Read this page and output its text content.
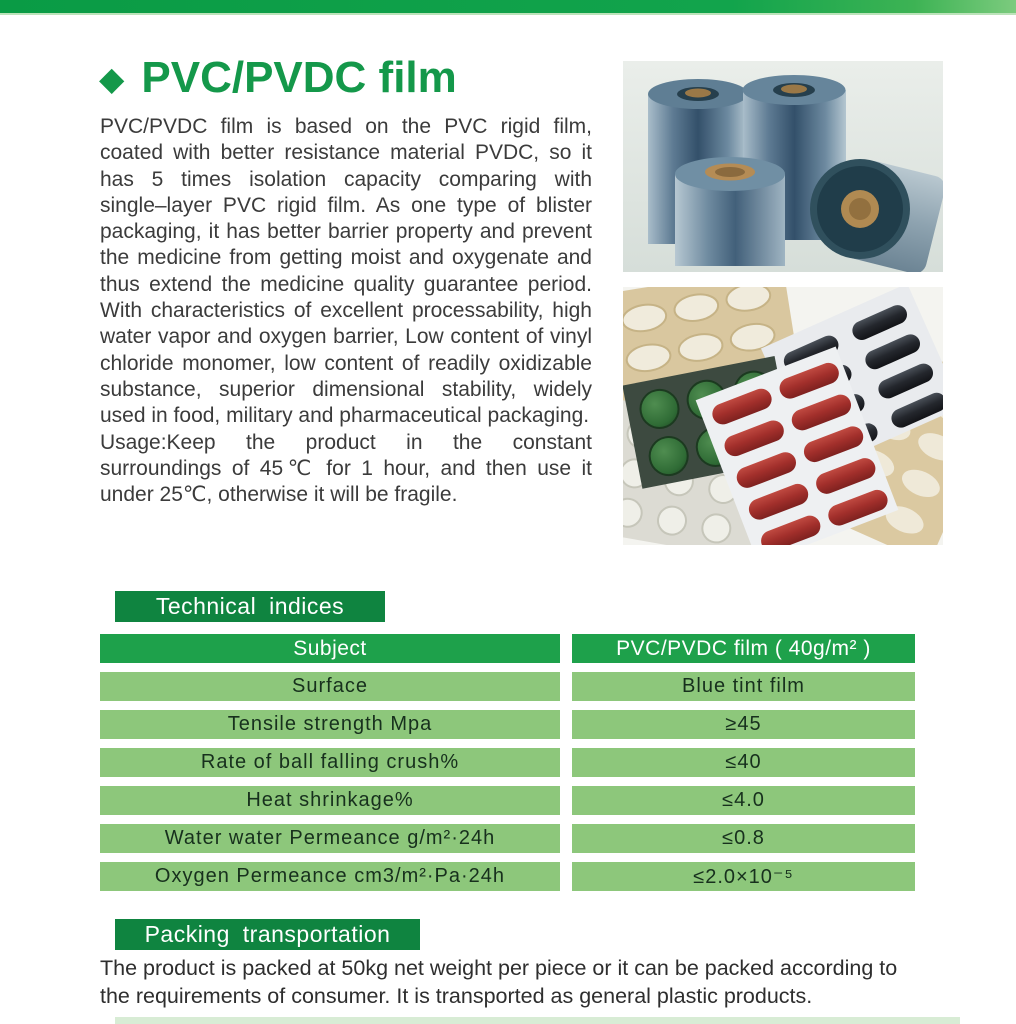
◆ PVC/PVDC film

PVC/PVDC film is based on the PVC rigid film, coated with better resistance material PVDC, so it has 5 times isolation capacity comparing with single–layer PVC rigid film. As one type of blister packaging, it has better barrier property and prevent the medicine from getting moist and oxygenate and thus extend the medicine quality guarantee period. With characteristics of excellent processability, high water vapor and oxygen barrier, Low content of vinyl chloride monomer, low content of readily oxidizable substance, superior dimensional stability, widely used in food, military and pharmaceutical packaging.

Usage:Keep the product in the constant surroundings of 45℃ for 1 hour, and then use it under 25℃, otherwise it will be fragile.

Technical indices
Subject	PVC/PVDC film ( 40g/m² )
Surface	Blue tint film
Tensile strength Mpa	≥45
Rate of ball falling crush%	≤40
Heat shrinkage%	≤4.0
Water water Permeance g/m²·24h	≤0.8
Oxygen Permeance cm3/m²·Pa·24h	≤2.0×10⁻⁵
Packing transportation

The product is packed at 50kg net weight per piece or it can be packed according to the requirements of consumer. It is transported as general plastic products.
